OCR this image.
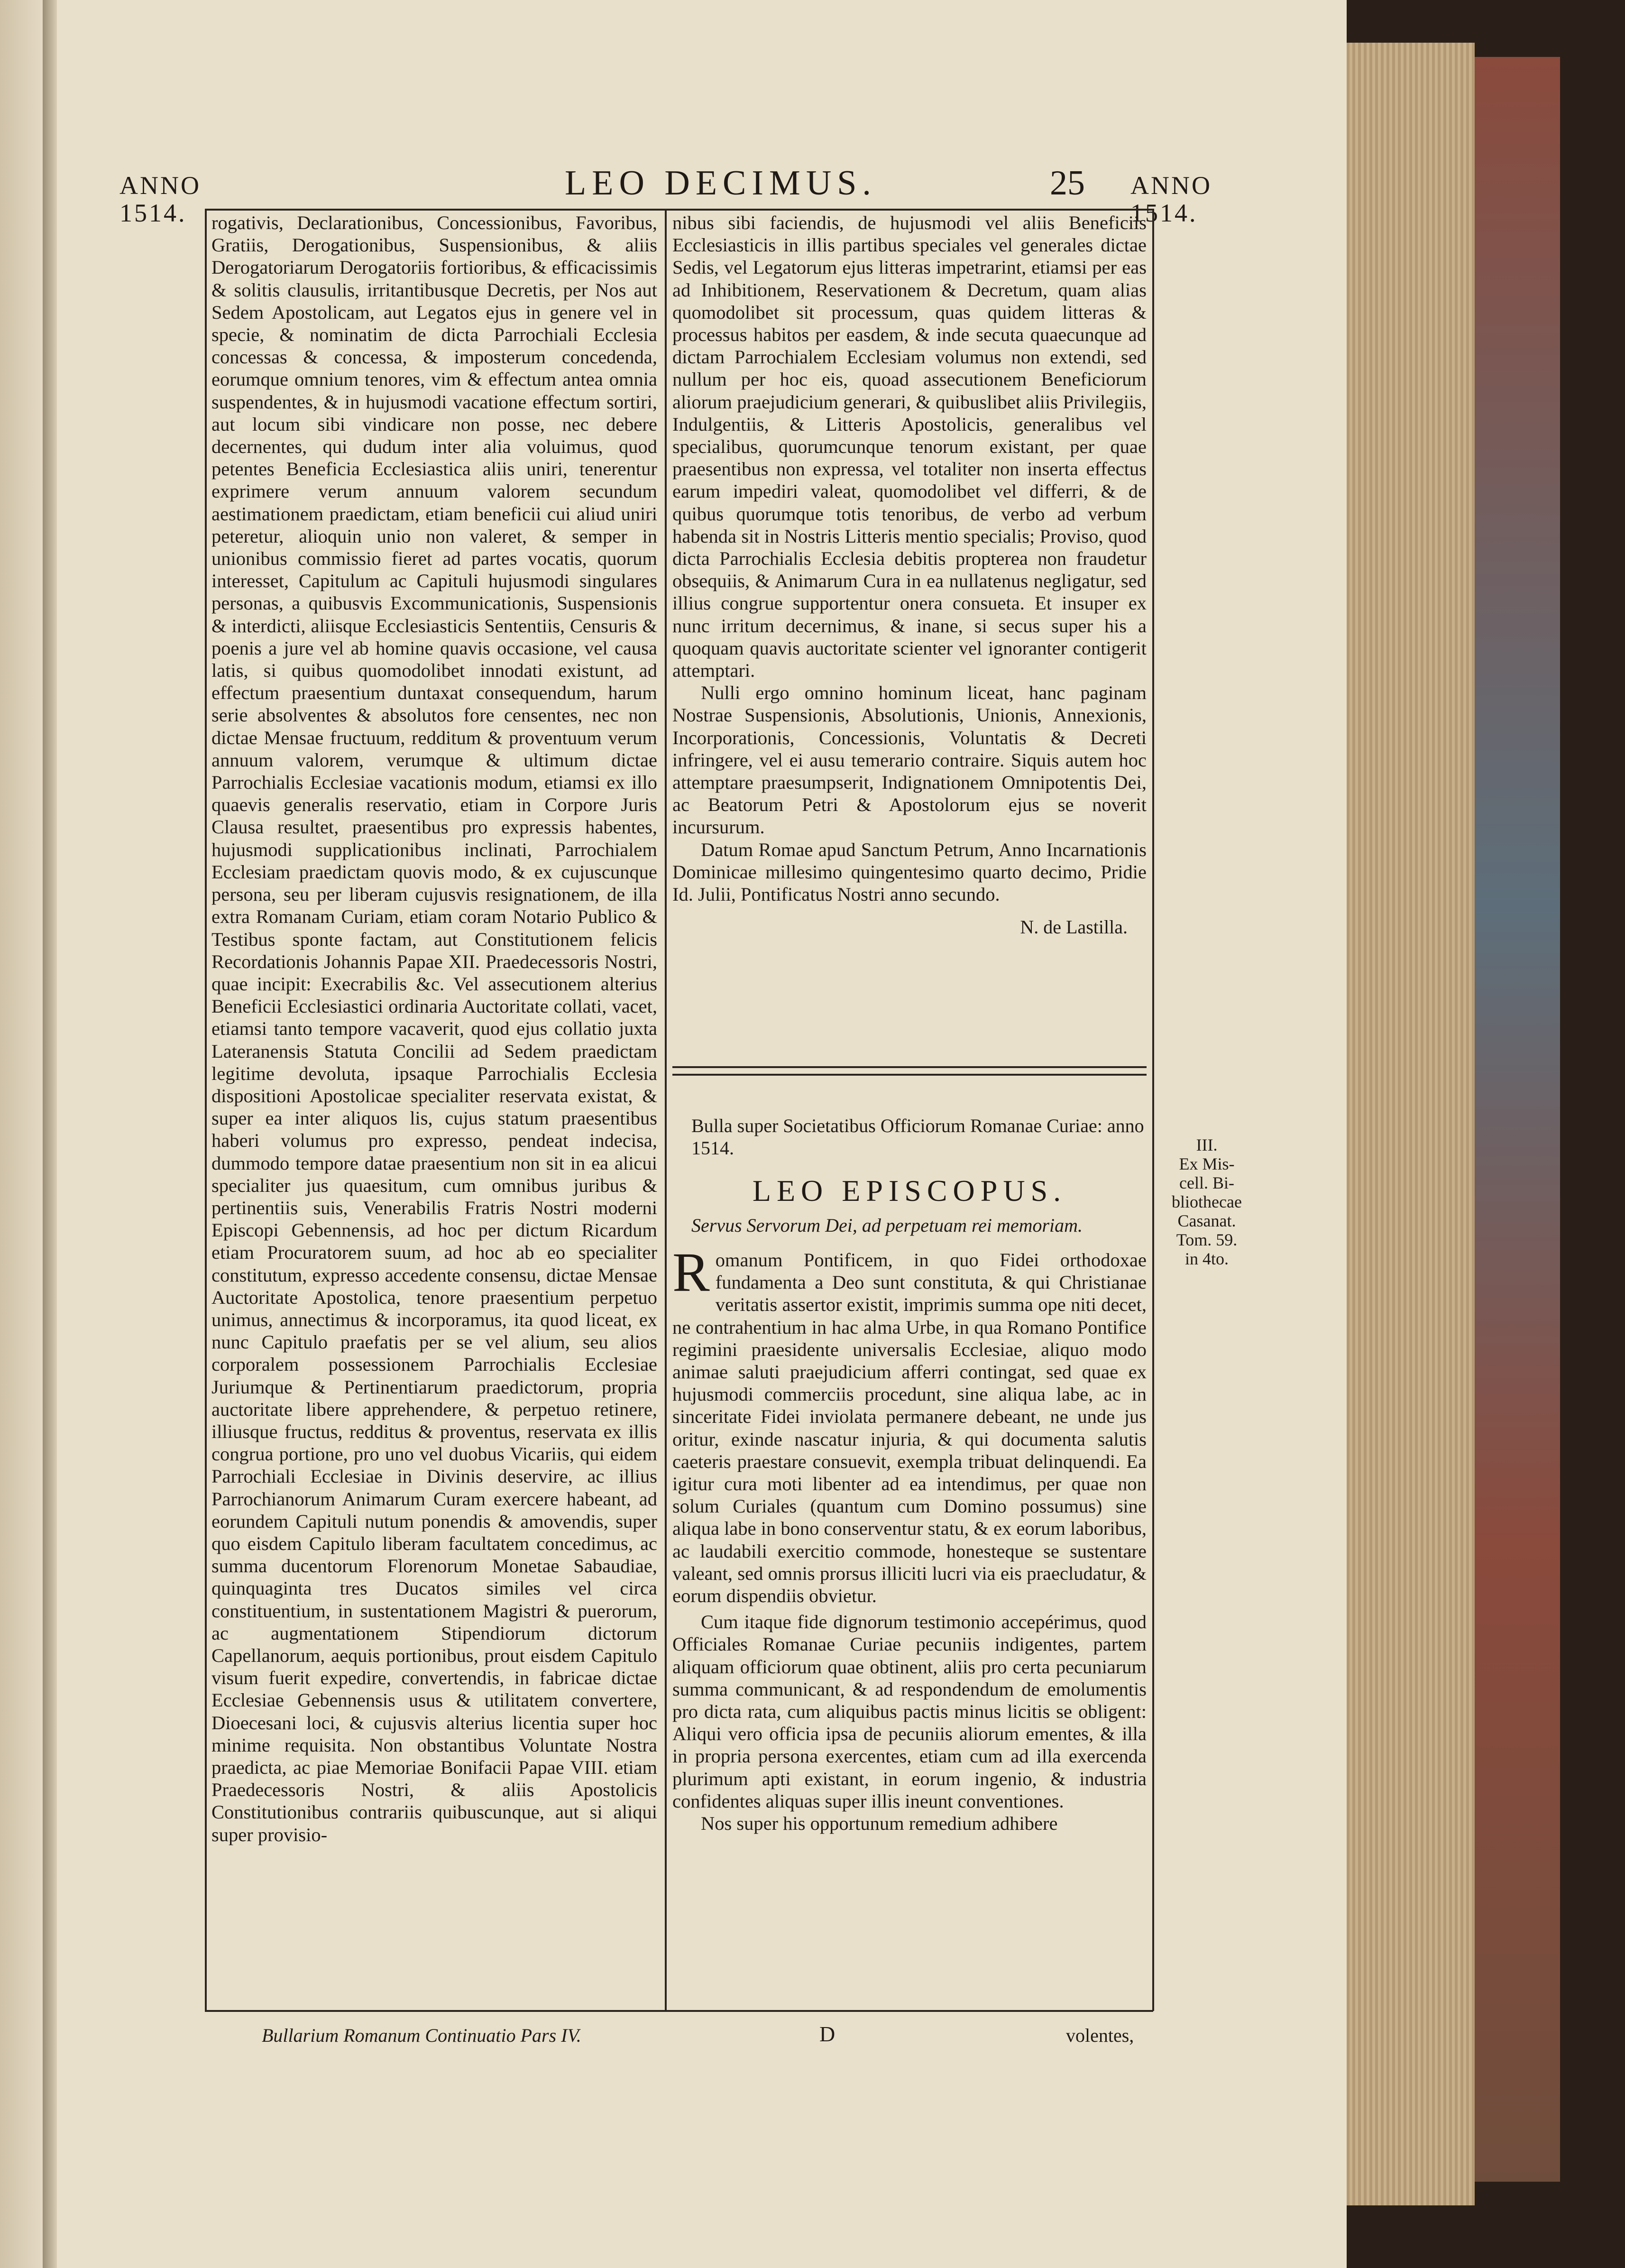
ANNO
1514.
LEO DECIMUS.	25 ANNO
1514.

rogativis, Declarationibus, Concessionibus, Favoribus, Gratiis, Derogationibus, Suspensionibus, & aliis Derogatoriarum Derogatoriis fortioribus, & efficacissimis & solitis clausulis, irritantibusque Decretis, per Nos aut Sedem Apostolicam, aut Legatos ejus in genere vel in specie, & nominatim de dicta Parrochiali Ecclesia concessas & concessa, & imposterum concedenda, eorumque omnium tenores, vim & effectum antea omnia suspendentes, & in hujusmodi vacatione effectum sortiri, aut locum sibi vindicare non posse, nec debere decernentes, qui dudum inter alia voluimus, quod petentes Beneficia Ecclesiastica aliis uniri, tenerentur exprimere verum annuum valorem secundum aestimationem praedictam, etiam beneficii cui aliud uniri peteretur, alioquin unio non valeret, & semper in unionibus commissio fieret ad partes vocatis, quorum interesset, Capitulum ac Capituli hujusmodi singulares personas, a quibusvis Excommunicationis, Suspensionis & interdicti, aliisque Ecclesiasticis Sententiis, Censuris & poenis a jure vel ab homine quavis occasione, vel causa latis, si quibus quomodolibet innodati existunt, ad effectum praesentium duntaxat consequendum, harum serie absolventes & absolutos fore censentes, nec non dictae Mensae fructuum, redditum & proventuum verum annuum valorem, verumque & ultimum dictae Parrochialis Ecclesiae vacationis modum, etiamsi ex illo quaevis generalis reservatio, etiam in Corpore Juris Clausa resultet, praesentibus pro expressis habentes, hujusmodi supplicationibus inclinati, Parrochialem Ecclesiam praedictam quovis modo, & ex cujuscunque persona, seu per liberam cujusvis resignationem, de illa extra Romanam Curiam, etiam coram Notario Publico & Testibus sponte factam, aut Constitutionem felicis Recordationis Johannis Papae XII. Praedecessoris Nostri, quae incipit: Execrabilis &c. Vel assecutionem alterius Beneficii Ecclesiastici ordinaria Auctoritate collati, vacet, etiamsi tanto tempore vacaverit, quod ejus collatio juxta Lateranensis Statuta Concilii ad Sedem praedictam legitime devoluta, ipsaque Parrochialis Ecclesia dispositioni Apostolicae specialiter reservata existat, & super ea inter aliquos lis, cujus statum praesentibus haberi volumus pro expresso, pendeat indecisa, dummodo tempore datae praesentium non sit in ea alicui specialiter jus quaesitum, cum omnibus juribus & pertinentiis suis, Venerabilis Fratris Nostri moderni Episcopi Gebennensis, ad hoc per dictum Ricardum etiam Procuratorem suum, ad hoc ab eo specialiter constitutum, expresso accedente consensu, dictae Mensae Auctoritate Apostolica, tenore praesentium perpetuo unimus, annectimus & incorporamus, ita quod liceat, ex nunc Capitulo praefatis per se vel alium, seu alios corporalem possessionem Parrochialis Ecclesiae Juriumque & Pertinentiarum praedictorum, propria auctoritate libere apprehendere, & perpetuo retinere, illiusque fructus, redditus & proventus, reservata ex illis congrua portione, pro uno vel duobus Vicariis, qui eidem Parrochiali Ecclesiae in Divinis deservire, ac illius Parrochianorum Animarum Curam exercere habeant, ad eorundem Capituli nutum ponendis & amovendis, super quo eisdem Capitulo liberam facultatem concedimus, ac summa ducentorum Florenorum Monetae Sabaudiae, quinquaginta tres Ducatos similes vel circa constituentium, in sustentationem Magistri & puerorum, ac augmentationem Stipendiorum dictorum Capellanorum, aequis portionibus, prout eisdem Capitulo visum fuerit expedire, convertendis, in fabricae dictae Ecclesiae Gebennensis usus & utilitatem convertere, Dioecesani loci, & cujusvis alterius licentia super hoc minime requisita. Non obstantibus Voluntate Nostra praedicta, ac piae Memoriae Bonifacii Papae VIII. etiam Praedecessoris Nostri, & aliis Apostolicis Constitutionibus contrariis quibuscunque, aut si aliqui super provisio-

nibus sibi faciendis, de hujusmodi vel aliis Beneficiis Ecclesiasticis in illis partibus speciales vel generales dictae Sedis, vel Legatorum ejus litteras impetrarint, etiamsi per eas ad Inhibitionem, Reservationem & Decretum, quam alias quomodolibet sit processum, quas quidem litteras & processus habitos per easdem, & inde secuta quaecunque ad dictam Parrochialem Ecclesiam volumus non extendi, sed nullum per hoc eis, quoad assecutionem Beneficiorum aliorum praejudicium generari, & quibuslibet aliis Privilegiis, Indulgentiis, & Litteris Apostolicis, generalibus vel specialibus, quorumcunque tenorum existant, per quae praesentibus non expressa, vel totaliter non inserta effectus earum impediri valeat, quomodolibet vel differri, & de quibus quorumque totis tenoribus, de verbo ad verbum habenda sit in Nostris Litteris mentio specialis; Proviso, quod dicta Parrochialis Ecclesia debitis propterea non fraudetur obsequiis, & Animarum Cura in ea nullatenus negligatur, sed illius congrue supportentur onera consueta. Et insuper ex nunc irritum decernimus, & inane, si secus super his a quoquam quavis auctoritate scienter vel ignoranter contigerit attemptari.

Nulli ergo omnino hominum liceat, hanc paginam Nostrae Suspensionis, Absolutionis, Unionis, Annexionis, Incorporationis, Concessionis, Voluntatis & Decreti infringere, vel ei ausu temerario contraire. Siquis autem hoc attemptare praesumpserit, Indignationem Omnipotentis Dei, ac Beatorum Petri & Apostolorum ejus se noverit incursurum.

Datum Romae apud Sanctum Petrum, Anno Incarnationis Dominicae millesimo quingentesimo quarto decimo, Pridie Id. Julii, Pontificatus Nostri anno secundo.

N. de Lastilla.
Bulla super Societatibus Officiorum Romanae Curiae: anno 1514.
LEO EPISCOPUS.
Servus Servorum Dei, ad perpetuam rei memoriam.
R omanum Pontificem, in quo Fidei orthodoxae fundamenta a Deo sunt constituta, & qui Christianae veritatis assertor existit, imprimis summa ope niti decet, ne contrahentium in hac alma Urbe, in qua Romano Pontifice regimini praesidente universalis Ecclesiae, aliquo modo animae saluti praejudicium afferri contingat, sed quae ex hujusmodi commerciis procedunt, sine aliqua labe, ac in sinceritate Fidei inviolata permanere debeant, ne unde jus oritur, exinde nascatur injuria, & qui documenta salutis caeteris praestare consuevit, exempla tribuat delinquendi. Ea igitur cura moti libenter ad ea intendimus, per quae non solum Curiales (quantum cum Domino possumus) sine aliqua labe in bono conserventur statu, & ex eorum laboribus, ac laudabili exercitio commode, honesteque se sustentare valeant, sed omnis prorsus illiciti lucri via eis praecludatur, & eorum dispendiis obvietur.

Cum itaque fide dignorum testimonio accepérimus, quod Officiales Romanae Curiae pecuniis indigentes, partem aliquam officiorum quae obtinent, aliis pro certa pecuniarum summa communicant, & ad respondendum de emolumentis pro dicta rata, cum aliquibus pactis minus licitis se obligent: Aliqui vero officia ipsa de pecuniis aliorum ementes, & illa in propria persona exercentes, etiam cum ad illa exercenda plurimum apti existant, in eorum ingenio, & industria confidentes aliquas super illis ineunt conventiones.

Nos super his opportunum remedium adhibere

III.
Ex Mis-
cell. Bi-
bliothecae
Casanat.
Tom. 59.
in 4to.
Bullarium Romanum Continuatio Pars IV.	D	volentes,
